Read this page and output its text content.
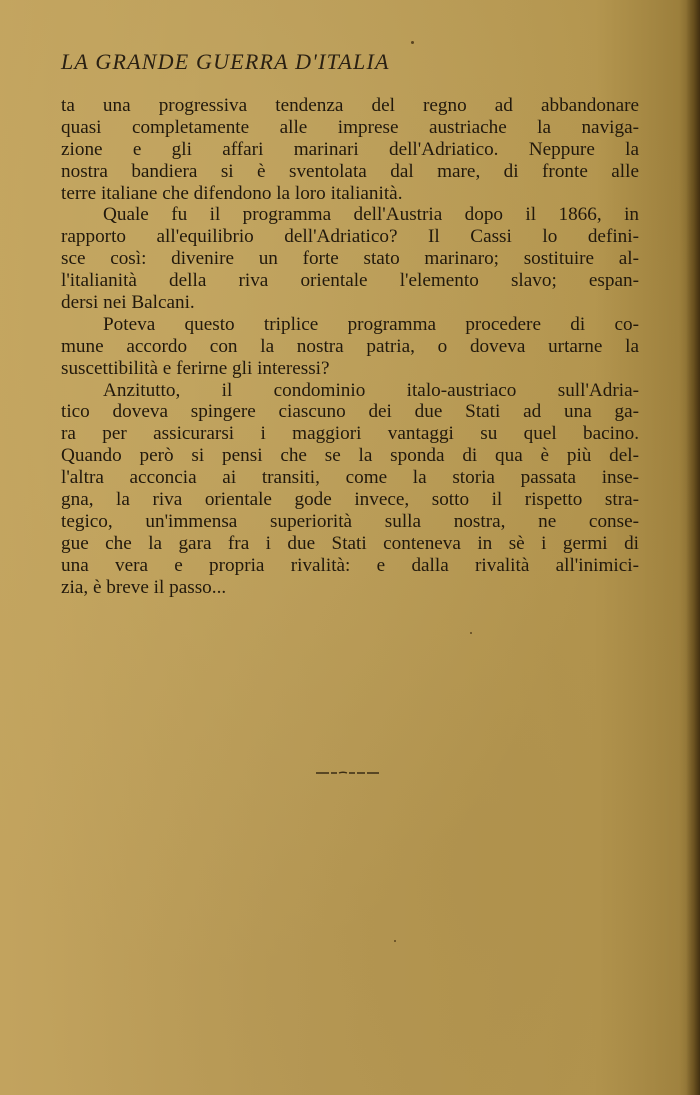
LA GRANDE GUERRA D'ITALIA
ta una progressiva tendenza del regno ad abbandonare
quasi completamente alle imprese austriache la naviga-
zione e gli affari marinari dell'Adriatico. Neppure la
nostra bandiera si è sventolata dal mare, di fronte alle
terre italiane che difendono la loro italianità.
Quale fu il programma dell'Austria dopo il 1866, in
rapporto all'equilibrio dell'Adriatico? Il Cassi lo defini-
sce così: divenire un forte stato marinaro; sostituire al-
l'italianità della riva orientale l'elemento slavo; espan-
dersi nei Balcani.
Poteva questo triplice programma procedere di co-
mune accordo con la nostra patria, o doveva urtarne la
suscettibilità e ferirne gli interessi?
Anzitutto, il condominio italo-austriaco sull'Adria-
tico doveva spingere ciascuno dei due Stati ad una ga-
ra per assicurarsi i maggiori vantaggi su quel bacino.
Quando però si pensi che se la sponda di qua è più del-
l'altra acconcia ai transiti, come la storia passata inse-
gna, la riva orientale gode invece, sotto il rispetto stra-
tegico, un'immensa superiorità sulla nostra, ne conse-
gue che la gara fra i due Stati conteneva in sè i germi di
una vera e propria rivalità: e dalla rivalità all'inimici-
zia, è breve il passo...
